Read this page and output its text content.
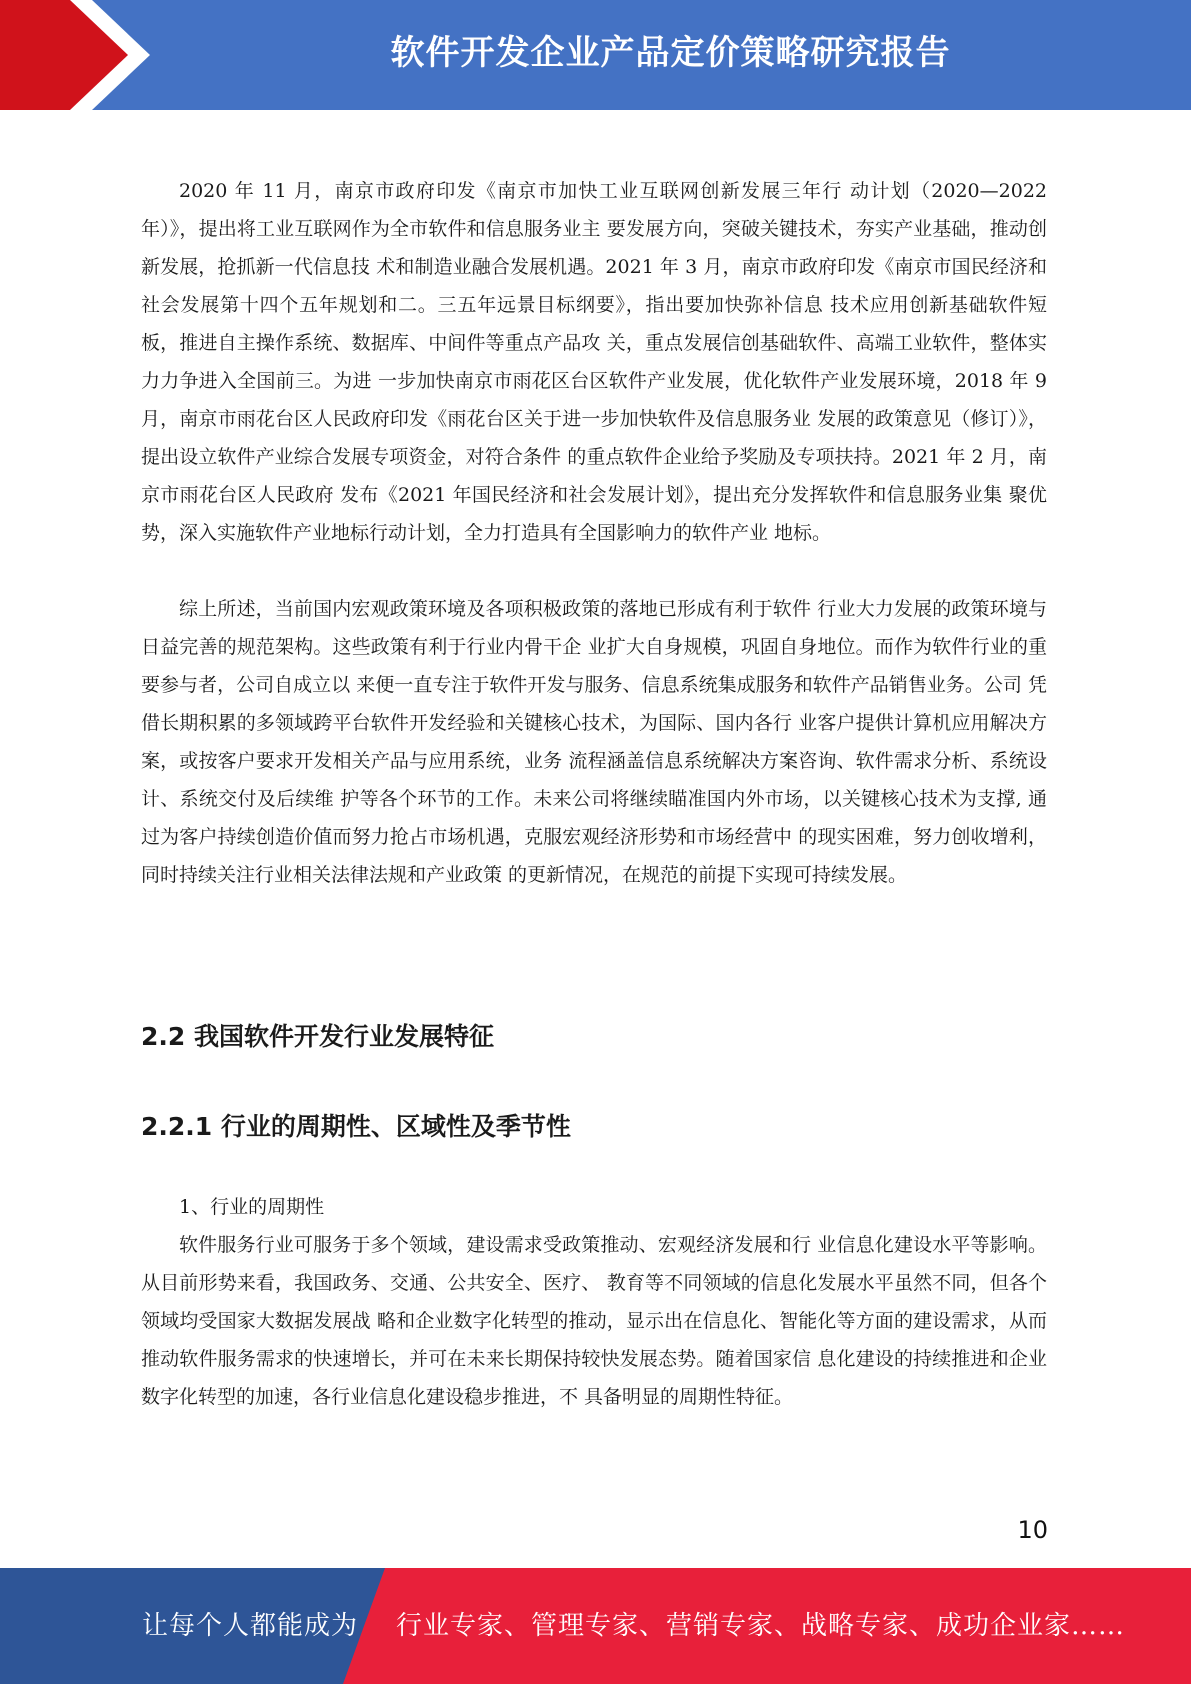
软件开发企业产品定价策略研究报告

2020 年 11 月，南京市政府印发《南京市加快工业互联网创新发展三年行 动计划（2020—2022 年）》，提出将工业互联网作为全市软件和信息服务业主 要发展方向，突破关键技术，夯实产业基础，推动创新发展，抢抓新一代信息技 术和制造业融合发展机遇。2021 年 3 月，南京市政府印发《南京市国民经济和 社会发展第十四个五年规划和二。三五年远景目标纲要》，指出要加快弥补信息 技术应用创新基础软件短板，推进自主操作系统、数据库、中间件等重点产品攻 关，重点发展信创基础软件、高端工业软件，整体实力力争进入全国前三。为进 一步加快南京市雨花区台区软件产业发展，优化软件产业发展环境，2018 年 9 月，南京市雨花台区人民政府印发《雨花台区关于进一步加快软件及信息服务业 发展的政策意见（修订）》，提出设立软件产业综合发展专项资金，对符合条件 的重点软件企业给予奖励及专项扶持。2021 年 2 月，南京市雨花台区人民政府 发布《2021 年国民经济和社会发展计划》，提出充分发挥软件和信息服务业集 聚优势，深入实施软件产业地标行动计划，全力打造具有全国影响力的软件产业 地标。

综上所述，当前国内宏观政策环境及各项积极政策的落地已形成有利于软件 行业大力发展的政策环境与日益完善的规范架构。这些政策有利于行业内骨干企 业扩大自身规模，巩固自身地位。而作为软件行业的重要参与者，公司自成立以 来便一直专注于软件开发与服务、信息系统集成服务和软件产品销售业务。公司 凭借长期积累的多领域跨平台软件开发经验和关键核心技术，为国际、国内各行 业客户提供计算机应用解决方案，或按客户要求开发相关产品与应用系统，业务 流程涵盖信息系统解决方案咨询、软件需求分析、系统设计、系统交付及后续维 护等各个环节的工作。未来公司将继续瞄准国内外市场，以关键核心技术为支撑, 通过为客户持续创造价值而努力抢占市场机遇，克服宏观经济形势和市场经营中 的现实困难，努力创收增利，同时持续关注行业相关法律法规和产业政策 的更新情况，在规范的前提下实现可持续发展。

2.2 我国软件开发行业发展特征
2.2.1 行业的周期性、区域性及季节性
1、行业的周期性

软件服务行业可服务于多个领域，建设需求受政策推动、宏观经济发展和行 业信息化建设水平等影响。从目前形势来看，我国政务、交通、公共安全、医疗、 教育等不同领域的信息化发展水平虽然不同，但各个领域均受国家大数据发展战 略和企业数字化转型的推动，显示出在信息化、智能化等方面的建设需求，从而 推动软件服务需求的快速增长，并可在未来长期保持较快发展态势。随着国家信 息化建设的持续推进和企业数字化转型的加速，各行业信息化建设稳步推进，不 具备明显的周期性特征。

10
让每个人都能成为 行业专家、管理专家、营销专家、战略专家、成功企业家……
